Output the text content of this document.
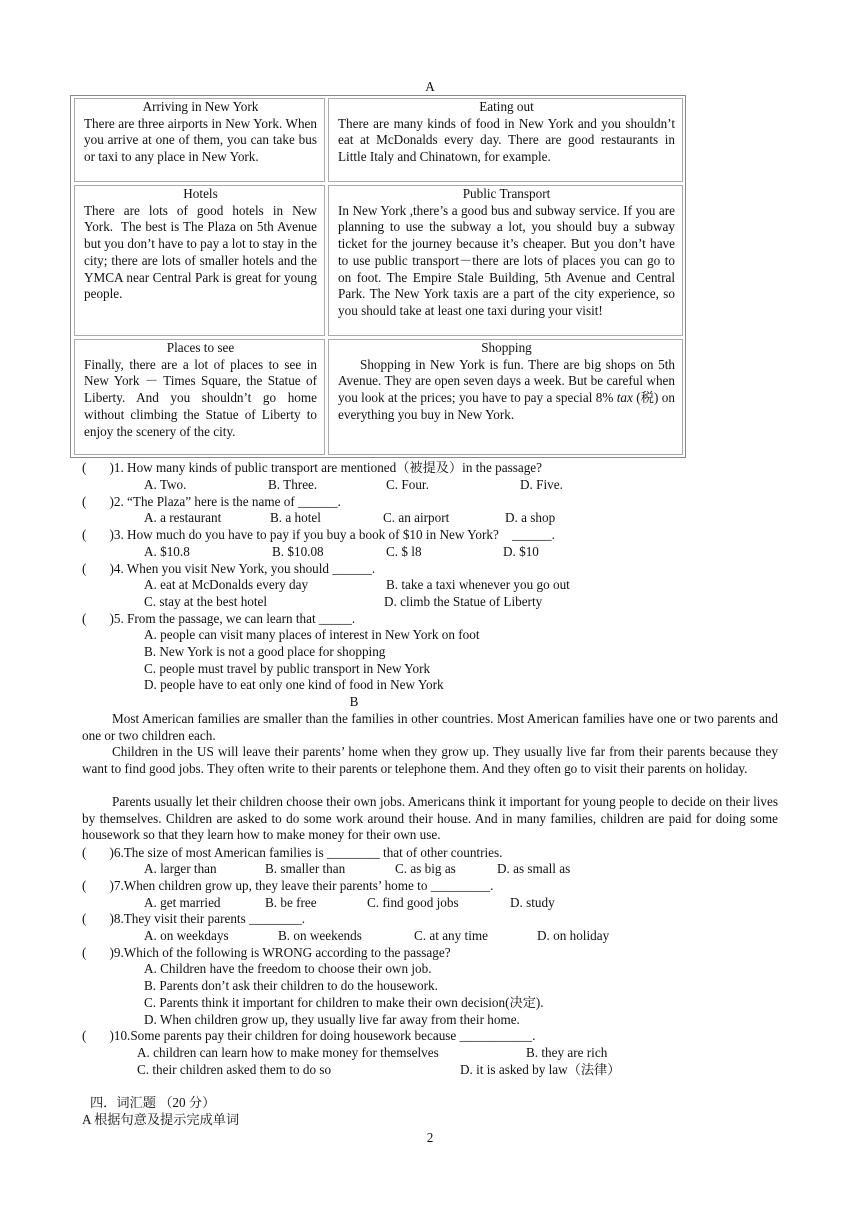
A
Arriving in New York
There are three airports in New York. When you arrive at one of them, you can take bus or taxi to any place in New York.
Eating out
There are many kinds of food in New York and you shouldn’t eat at McDonalds every day. There are good restaurants in Little Italy and Chinatown, for example.
Hotels
There are lots of good hotels in New York.  The best is The Plaza on 5th Avenue but you don’t have to pay a lot to stay in the city; there are lots of smaller hotels and the YMCA near Central Park is great for young people.
Public Transport
In New York ,there’s a good bus and subway service. If you are planning to use the subway a lot, you should buy a subway ticket for the journey because it’s cheaper. But you don’t have to use public transport－there are lots of places you can go to on foot. The Empire Stale Building, 5th Avenue and Central Park. The New York taxis are a part of the city experience, so you should take at least one taxi during your visit!
Places to see
Finally, there are a lot of places to see in New York － Times Square, the Statue of Liberty. And you shouldn’t go home without climbing the Statue of Liberty to enjoy the scenery of the city.
Shopping
Shopping in New York is fun. There are big shops on 5th Avenue. They are open seven days a week. But be careful when you look at the prices; you have to pay a special 8% tax (税) on everything you buy in New York.
(       )1. How many kinds of public transport are mentioned（被提及）in the passage?
A. Two.	B. Three.	C. Four.	D. Five.
(       )2. “The Plaza” here is the name of ______.
A. a restaurant	B. a hotel	C. an airport	D. a shop
(       )3. How much do you have to pay if you buy a book of $10 in New York?    ______.
A. $10.8	B. $10.08	C. $ l8	D. $10
(       )4. When you visit New York, you should ______.
A. eat at McDonalds every day	B. take a taxi whenever you go out
C. stay at the best hotel	D. climb the Statue of Liberty
(       )5. From the passage, we can learn that _____.
A. people can visit many places of interest in New York on foot
B. New York is not a good place for shopping
C. people must travel by public transport in New York
D. people have to eat only one kind of food in New York
B
Most American families are smaller than the families in other countries. Most American families have one or two parents and one or two children each.
Children in the US will leave their parents’ home when they grow up. They usually live far from their parents because they want to find good jobs. They often write to their parents or telephone them. And they often go to visit their parents on holiday.
Parents usually let their children choose their own jobs. Americans think it important for young people to decide on their lives by themselves. Children are asked to do some work around their house. And in many families, children are paid for doing some housework so that they learn how to make money for their own use.
(       )6.The size of most American families is ________ that of other countries.
A. larger than	B. smaller than	C. as big as	D. as small as
(       )7.When children grow up, they leave their parents’ home to _________.
A. get married	B. be free	C. find good jobs	D. study
(       )8.They visit their parents ________.
A. on weekdays	B. on weekends	C. at any time	D. on holiday
(       )9.Which of the following is WRONG according to the passage?
A. Children have the freedom to choose their own job.
B. Parents don’t ask their children to do the housework.
C. Parents think it important for children to make their own decision(决定).
D. When children grow up, they usually live far away from their home.
(       )10.Some parents pay their children for doing housework because ___________.
A. children can learn how to make money for themselves	B. they are rich
C. their children asked them to do so	D. it is asked by law（法律）
四．词汇题 （20 分）
A 根据句意及提示完成单词
2
